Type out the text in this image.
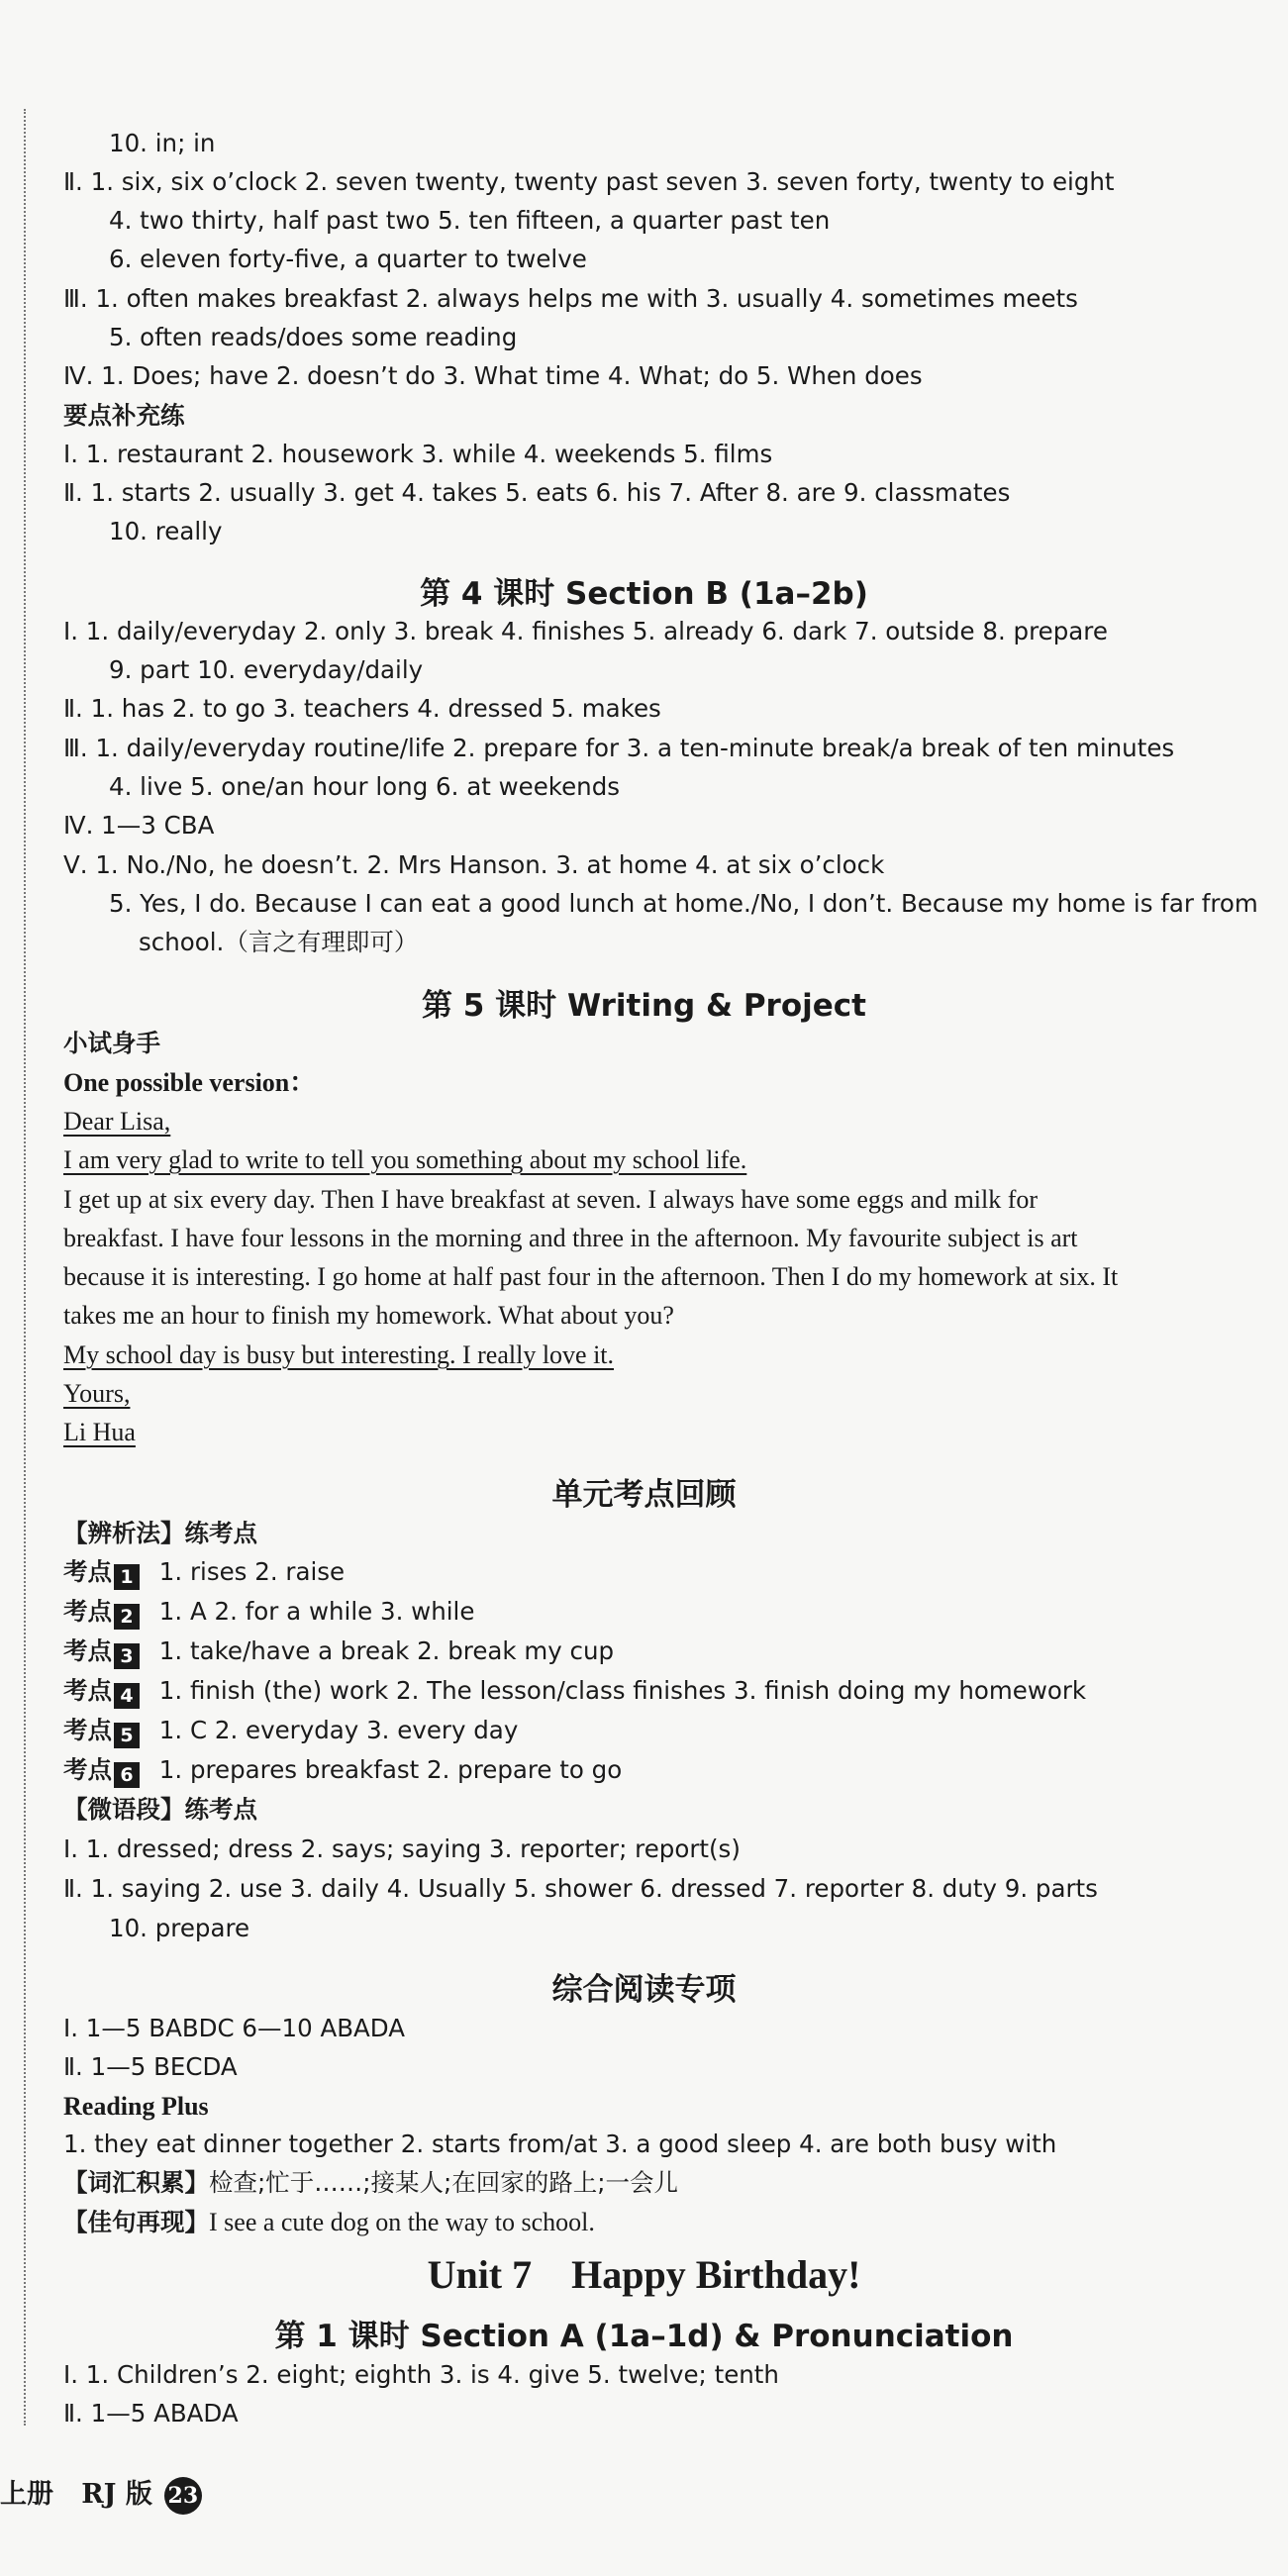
10. in; in
Ⅱ. 1. six, six o’clock 2. seven twenty, twenty past seven 3. seven forty, twenty to eight
4. two thirty, half past two 5. ten fifteen, a quarter past ten
6. eleven forty-five, a quarter to twelve
Ⅲ. 1. often makes breakfast 2. always helps me with 3. usually 4. sometimes meets
5. often reads/does some reading
Ⅳ. 1. Does; have 2. doesn’t do 3. What time 4. What; do 5. When does
要点补充练
Ⅰ. 1. restaurant 2. housework 3. while 4. weekends 5. films
Ⅱ. 1. starts 2. usually 3. get 4. takes 5. eats 6. his 7. After 8. are 9. classmates
10. really
第 4 课时 Section B (1a–2b)
Ⅰ. 1. daily/everyday 2. only 3. break 4. finishes 5. already 6. dark 7. outside 8. prepare
9. part 10. everyday/daily
Ⅱ. 1. has 2. to go 3. teachers 4. dressed 5. makes
Ⅲ. 1. daily/everyday routine/life 2. prepare for 3. a ten-minute break/a break of ten minutes
4. live 5. one/an hour long 6. at weekends
Ⅳ. 1—3 CBA
Ⅴ. 1. No./No, he doesn’t. 2. Mrs Hanson. 3. at home 4. at six o’clock
5. Yes, I do. Because I can eat a good lunch at home./No, I don’t. Because my home is far from
school.（言之有理即可）
第 5 课时 Writing & Project
小试身手
One possible version：
Dear Lisa,
I am very glad to write to tell you something about my school life.
I get up at six every day. Then I have breakfast at seven. I always have some eggs and milk for
breakfast. I have four lessons in the morning and three in the afternoon. My favourite subject is art
because it is interesting. I go home at half past four in the afternoon. Then I do my homework at six. It
takes me an hour to finish my homework. What about you?
My school day is busy but interesting. I really love it.
Yours,
Li Hua
单元考点回顾
【辨析法】练考点
考点 1 1. rises 2. raise
考点 2 1. A 2. for a while 3. while
考点 3 1. take/have a break 2. break my cup
考点 4 1. finish (the) work 2. The lesson/class finishes 3. finish doing my homework
考点 5 1. C 2. everyday 3. every day
考点 6 1. prepares breakfast 2. prepare to go
【微语段】练考点
Ⅰ. 1. dressed; dress 2. says; saying 3. reporter; report(s)
Ⅱ. 1. saying 2. use 3. daily 4. Usually 5. shower 6. dressed 7. reporter 8. duty 9. parts
10. prepare
综合阅读专项
Ⅰ. 1—5 BABDC 6—10 ABADA
Ⅱ. 1—5 BECDA
Reading Plus
1. they eat dinner together 2. starts from/at 3. a good sleep 4. are both busy with
【词汇积累】检查;忙于……;接某人;在回家的路上;一会儿
【佳句再现】I see a cute dog on the way to school.
Unit 7    Happy Birthday!
第 1 课时 Section A (1a–1d) & Pronunciation
Ⅰ. 1. Children’s 2. eight; eighth 3. is 4. give 5. twelve; tenth
Ⅱ. 1—5 ABADA
上册   RJ 版 23
